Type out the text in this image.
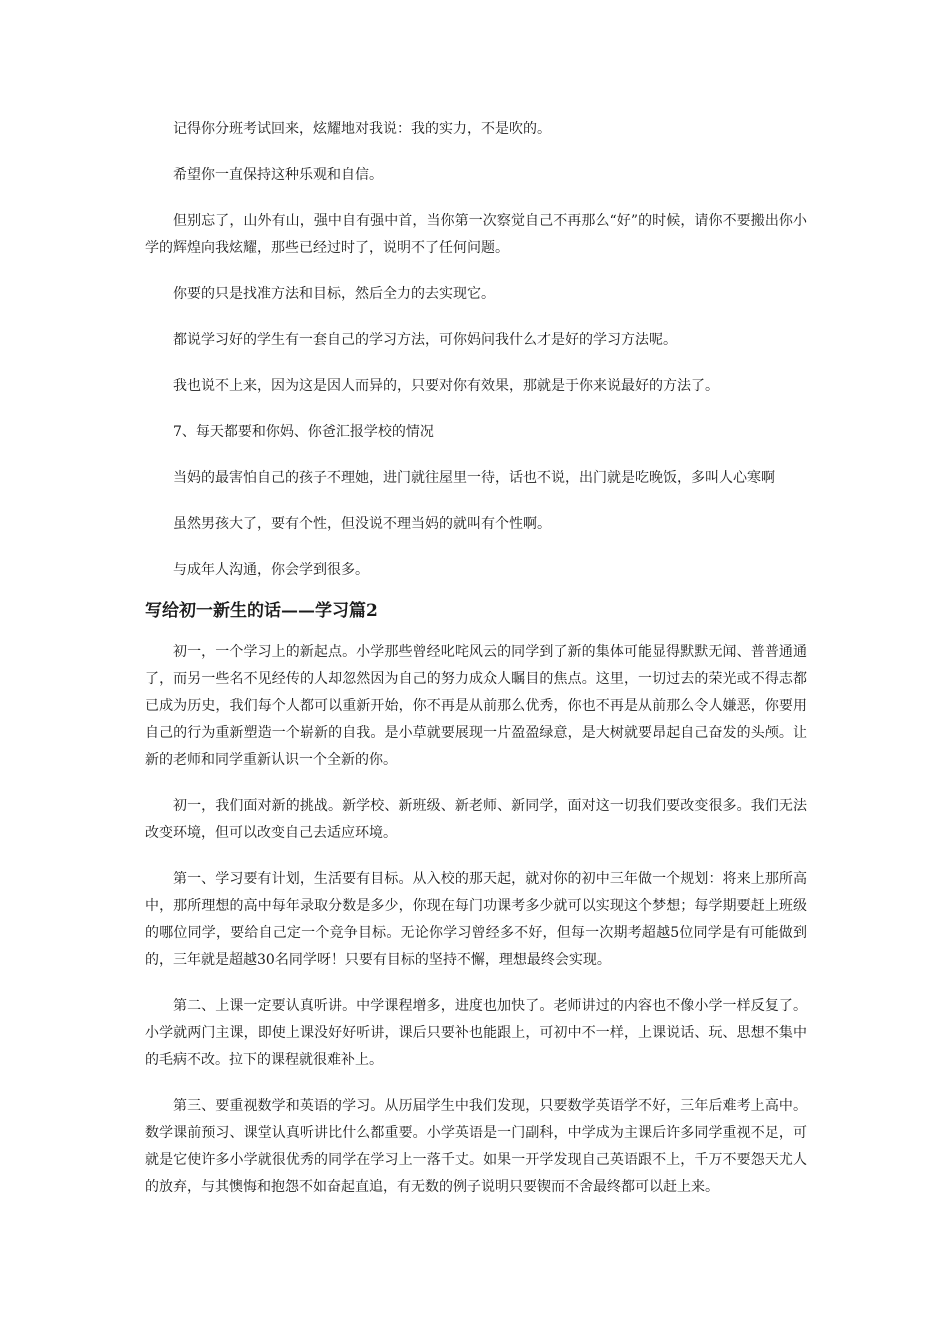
记得你分班考试回来，炫耀地对我说：我的实力，不是吹的。

希望你一直保持这种乐观和自信。

但别忘了，山外有山，强中自有强中首，当你第一次察觉自己不再那么“好”的时候，请你不要搬出你小学的辉煌向我炫耀，那些已经过时了，说明不了任何问题。

你要的只是找准方法和目标，然后全力的去实现它。

都说学习好的学生有一套自己的学习方法，可你妈问我什么才是好的学习方法呢。

我也说不上来，因为这是因人而异的，只要对你有效果，那就是于你来说最好的方法了。

7、每天都要和你妈、你爸汇报学校的情况

当妈的最害怕自己的孩子不理她，进门就往屋里一待，话也不说，出门就是吃晚饭，多叫人心寒啊

虽然男孩大了，要有个性，但没说不理当妈的就叫有个性啊。

与成年人沟通，你会学到很多。

写给初一新生的话——学习篇2

初一，一个学习上的新起点。小学那些曾经叱咤风云的同学到了新的集体可能显得默默无闻、普普通通了，而另一些名不见经传的人却忽然因为自己的努力成众人瞩目的焦点。这里，一切过去的荣光或不得志都已成为历史，我们每个人都可以重新开始，你不再是从前那么优秀，你也不再是从前那么令人嫌恶，你要用自己的行为重新塑造一个崭新的自我。是小草就要展现一片盈盈绿意，是大树就要昂起自己奋发的头颅。让新的老师和同学重新认识一个全新的你。

初一，我们面对新的挑战。新学校、新班级、新老师、新同学，面对这一切我们要改变很多。我们无法改变环境，但可以改变自己去适应环境。

第一、学习要有计划，生活要有目标。从入校的那天起，就对你的初中三年做一个规划：将来上那所高中，那所理想的高中每年录取分数是多少，你现在每门功课考多少就可以实现这个梦想；每学期要赶上班级的哪位同学，要给自己定一个竞争目标。无论你学习曾经多不好，但每一次期考超越5位同学是有可能做到的，三年就是超越30名同学呀！只要有目标的坚持不懈，理想最终会实现。

第二、上课一定要认真听讲。中学课程增多，进度也加快了。老师讲过的内容也不像小学一样反复了。小学就两门主课，即使上课没好好听讲，课后只要补也能跟上，可初中不一样，上课说话、玩、思想不集中的毛病不改。拉下的课程就很难补上。

第三、要重视数学和英语的学习。从历届学生中我们发现，只要数学英语学不好，三年后难考上高中。数学课前预习、课堂认真听讲比什么都重要。小学英语是一门副科，中学成为主课后许多同学重视不足，可就是它使许多小学就很优秀的同学在学习上一落千丈。如果一开学发现自己英语跟不上，千万不要怨天尤人的放弃，与其懊悔和抱怨不如奋起直追，有无数的例子说明只要锲而不舍最终都可以赶上来。
